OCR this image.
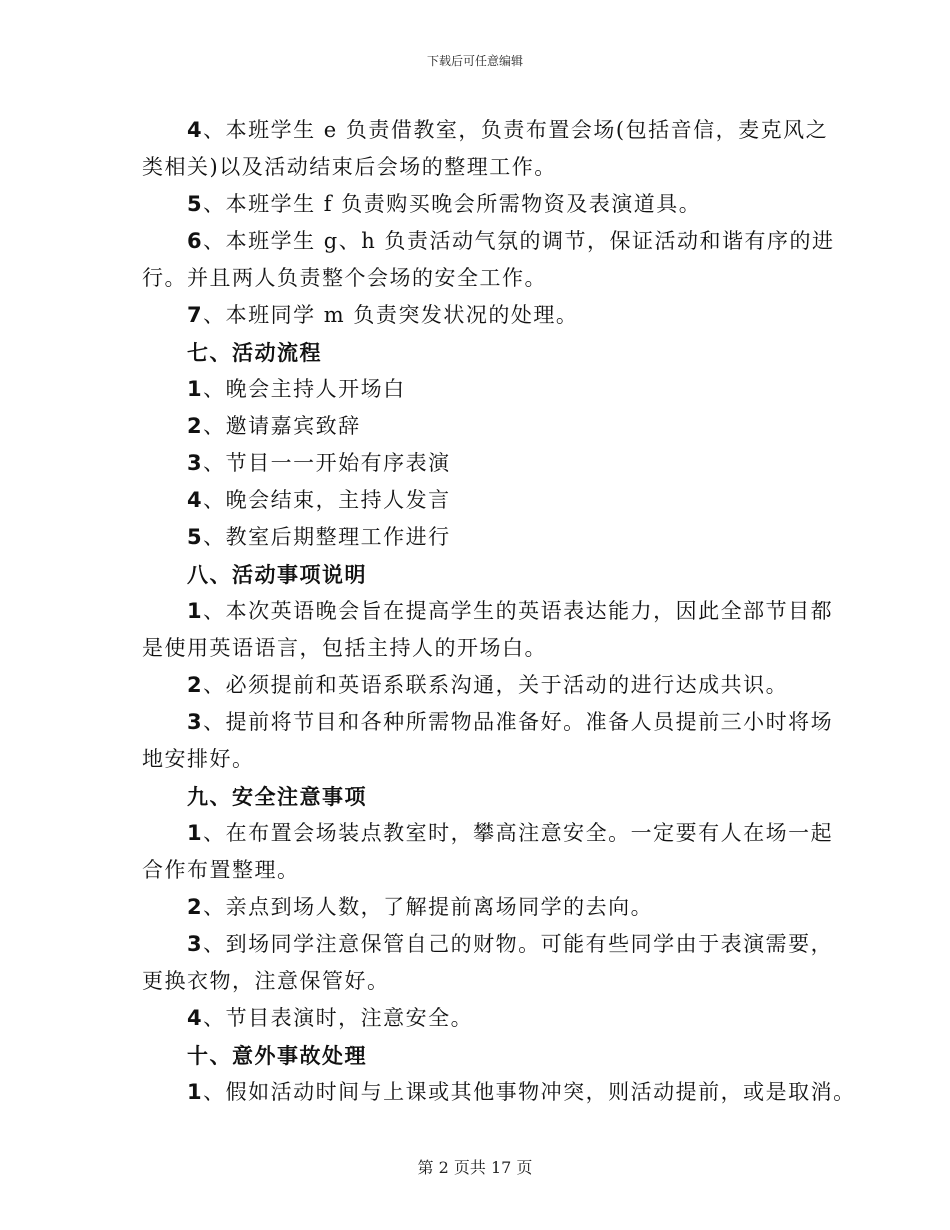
下载后可任意编辑
4、本班学生 e 负责借教室，负责布置会场(包括音信，麦克风之
类相关)以及活动结束后会场的整理工作。
5、本班学生 f 负责购买晚会所需物资及表演道具。
6、本班学生 g、h 负责活动气氛的调节，保证活动和谐有序的进
行。并且两人负责整个会场的安全工作。
7、本班同学 m 负责突发状况的处理。
七、活动流程
1、晚会主持人开场白
2、邀请嘉宾致辞
3、节目一一开始有序表演
4、晚会结束，主持人发言
5、教室后期整理工作进行
八、活动事项说明
1、本次英语晚会旨在提高学生的英语表达能力，因此全部节目都
是使用英语语言，包括主持人的开场白。
2、必须提前和英语系联系沟通，关于活动的进行达成共识。
3、提前将节目和各种所需物品准备好。准备人员提前三小时将场
地安排好。
九、安全注意事项
1、在布置会场装点教室时，攀高注意安全。一定要有人在场一起
合作布置整理。
2、亲点到场人数，了解提前离场同学的去向。
3、到场同学注意保管自己的财物。可能有些同学由于表演需要，
更换衣物，注意保管好。
4、节目表演时，注意安全。
十、意外事故处理
1、假如活动时间与上课或其他事物冲突，则活动提前，或是取消。
第 2 页共 17 页
